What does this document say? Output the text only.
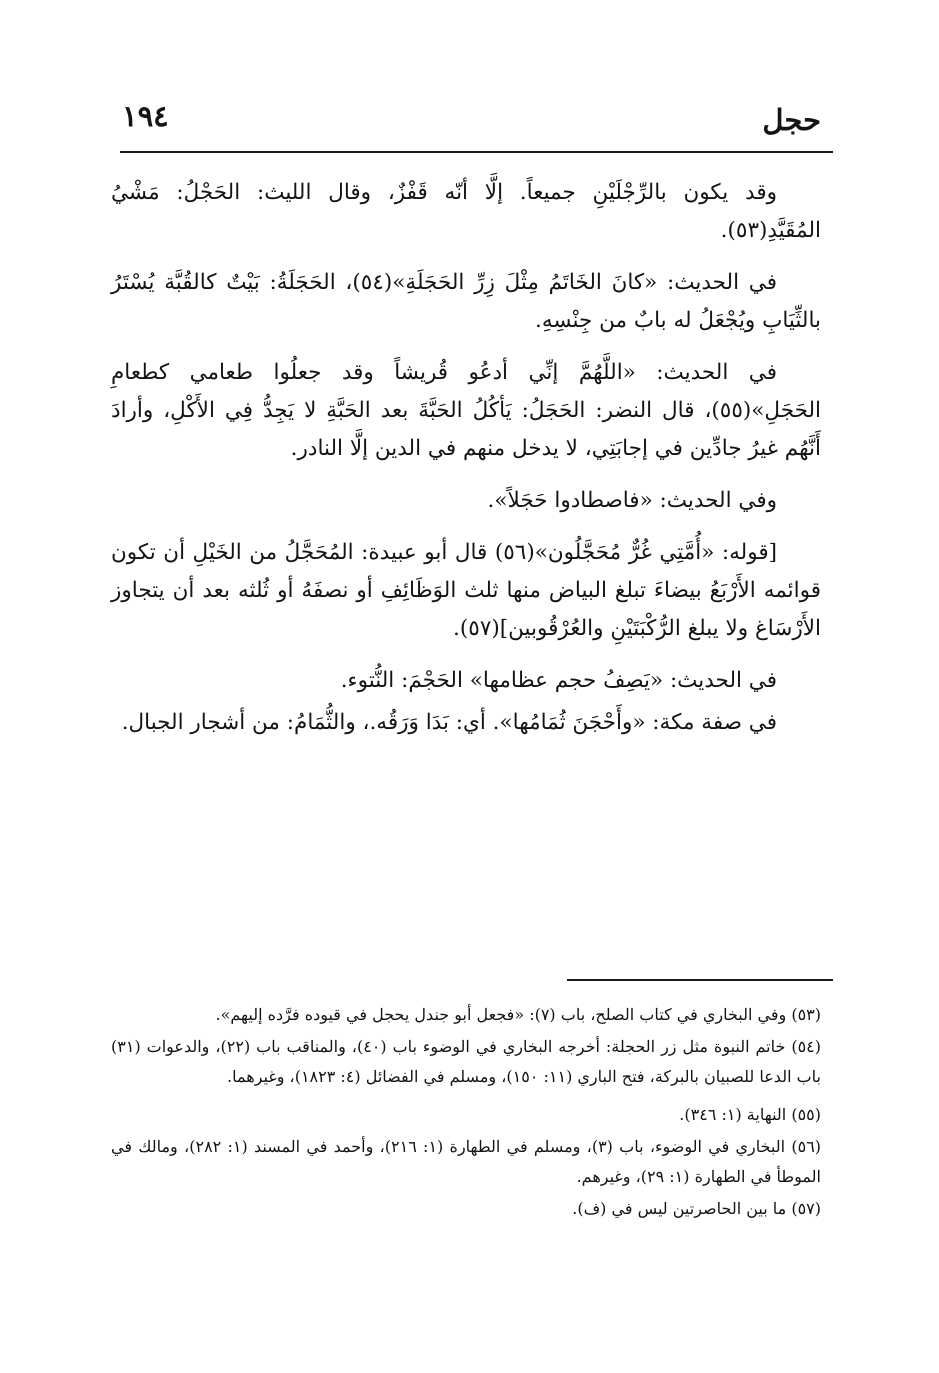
حجل
١٩٤

وقد يكون بالرِّجْلَيْنِ جميعاً. إلَّا أنّه قَفْزٌ، وقال الليث: الحَجْلُ: مَشْيُ المُقَيَّدِ(٥٣).

في الحديث: «كانَ الخَاتَمُ مِثْلَ زِرِّ الحَجَلَةِ»(٥٤)، الحَجَلَةُ: بَيْتٌ كالقُبَّة يُسْتَرُ بالثِّيَابِ ويُجْعَلُ له بابٌ من جِنْسِهِ.

في الحديث: «اللَّهُمَّ إنِّي أدعُو قُريشاً وقد جعلُوا طعامي كطعامِ الحَجَلِ»(٥٥)، قال النضر: الحَجَلُ: يَأكُلُ الحَبَّةَ بعد الحَبَّةِ لا يَجِدُّ فِي الأَكْلِ، وأرادَ أَنَّهُم غيرُ جادِّين في إجابَتِي، لا يدخل منهم في الدين إلَّا النادر.

وفي الحديث: «فاصطادوا حَجَلاً».

[قوله: «أُمَّتِي غُرٌّ مُحَجَّلُون»(٥٦) قال أبو عبيدة: المُحَجَّلُ من الخَيْلِ أن تكون قوائمه الأَرْبَعُ بيضاءَ تبلغ البياض منها ثلث الوَظَائِفِ أو نصفَهُ أو ثُلثه بعد أن يتجاوز الأَرْسَاغ ولا يبلغ الرُّكْبَتَيْنِ والعُرْقُوبين](٥٧).

في الحديث: «يَصِفُ حجم عظامها» الحَجْمَ: النُّتوء.

في صفة مكة: «وأَحْجَنَ ثُمَامُها». أي: بَدَا وَرَقُه.، والثُّمَامُ: من أشجار الجبال.

(٥٣) وفي البخاري في كتاب الصلح، باب (٧): «فجعل أبو جندل يحجل في قيوده فرَّده إليهم».
(٥٤) خاتم النبوة مثل زر الحجلة: أخرجه البخاري في الوضوء باب (٤٠)، والمناقب باب (٢٢)، والدعوات (٣١) باب الدعا للصبيان بالبركة، فتح الباري (١١: ١٥٠)، ومسلم في الفضائل (٤: ١٨٢٣)، وغيرهما.
(٥٥) النهاية (١: ٣٤٦).
(٥٦) البخاري في الوضوء، باب (٣)، ومسلم في الطهارة (١: ٢١٦)، وأحمد في المسند (١: ٢٨٢)، ومالك في الموطأ في الطهارة (١: ٢٩)، وغيرهم.
(٥٧) ما بين الحاصرتين ليس في (ف).
